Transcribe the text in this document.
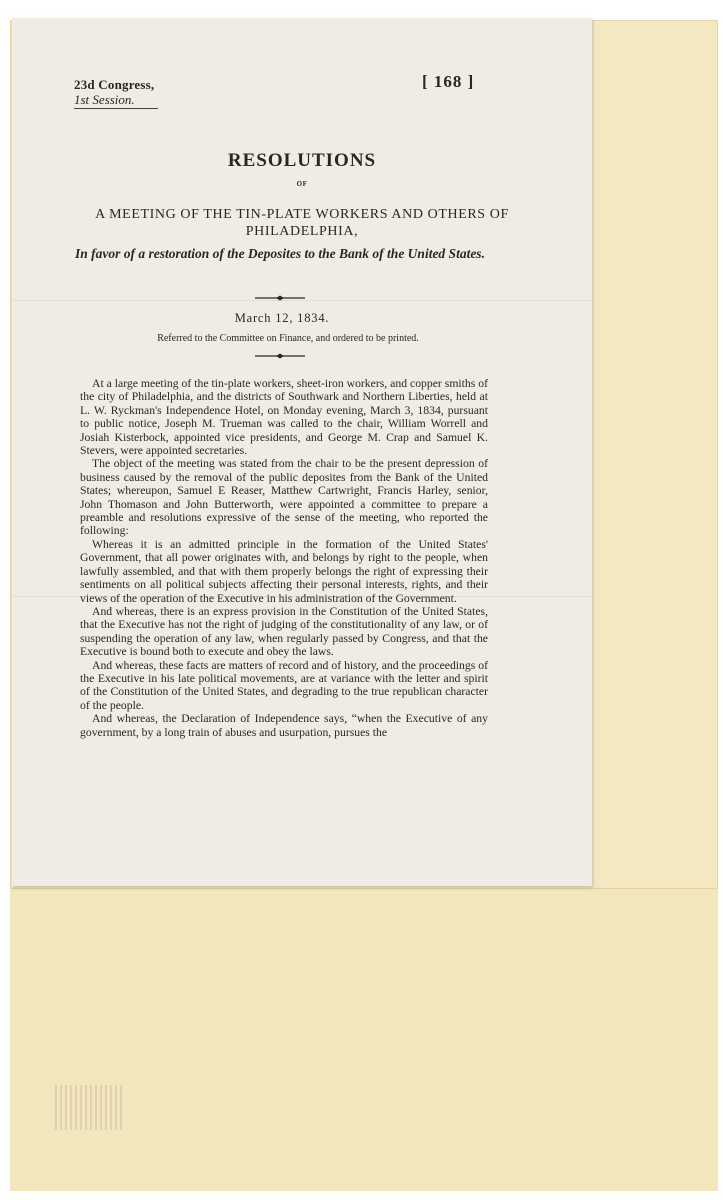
23d Congress,
1st Session.
[ 168 ]
RESOLUTIONS
OF
A MEETING OF THE TIN-PLATE WORKERS AND OTHERS OF PHILADELPHIA,
In favor of a restoration of the Deposites to the Bank of the United States.
March 12, 1834.
Referred to the Committee on Finance, and ordered to be printed.

At a large meeting of the tin-plate workers, sheet-iron workers, and copper smiths of the city of Philadelphia, and the districts of Southwark and Northern Liberties, held at L. W. Ryckman's Independence Hotel, on Monday evening, March 3, 1834, pursuant to public notice, Joseph M. Trueman was called to the chair, William Worrell and Josiah Kisterbock, appointed vice presidents, and George M. Crap and Samuel K. Stevers, were appointed secretaries.

The object of the meeting was stated from the chair to be the present depression of business caused by the removal of the public deposites from the Bank of the United States; whereupon, Samuel E Reaser, Matthew Cartwright, Francis Harley, senior, John Thomason and John Butterworth, were appointed a committee to prepare a preamble and resolutions expressive of the sense of the meeting, who reported the following:

Whereas it is an admitted principle in the formation of the United States' Government, that all power originates with, and belongs by right to the people, when lawfully assembled, and that with them properly belongs the right of expressing their sentiments on all political subjects affecting their personal interests, rights, and their views of the operation of the Executive in his administration of the Government.

And whereas, there is an express provision in the Constitution of the United States, that the Executive has not the right of judging of the constitutionality of any law, or of suspending the operation of any law, when regularly passed by Congress, and that the Executive is bound both to execute and obey the laws.

And whereas, these facts are matters of record and of history, and the proceedings of the Executive in his late political movements, are at variance with the letter and spirit of the Constitution of the United States, and degrading to the true republican character of the people.

And whereas, the Declaration of Independence says, “when the Executive of any government, by a long train of abuses and usurpation, pursues the
